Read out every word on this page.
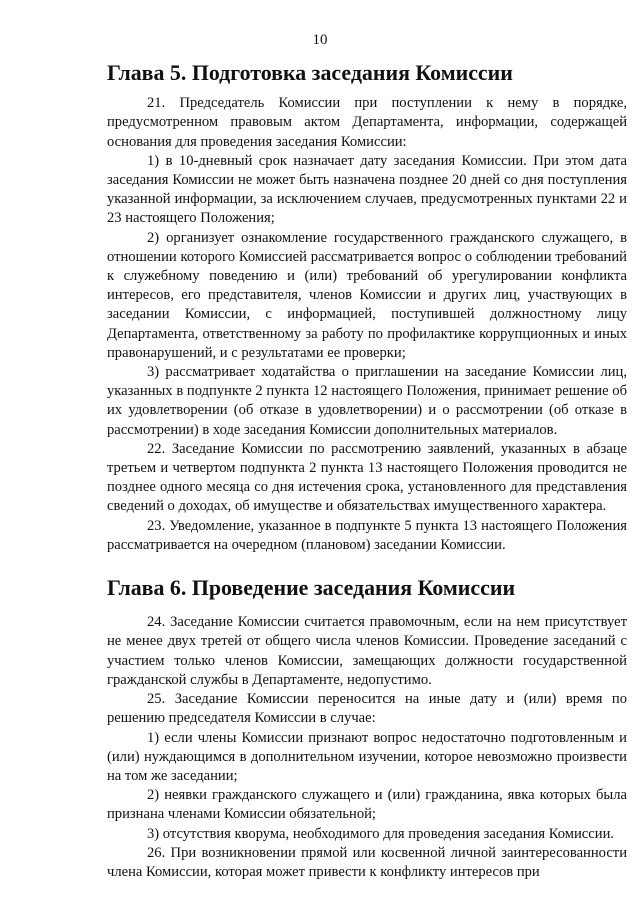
10
Глава 5. Подготовка заседания Комиссии

21. Председатель Комиссии при поступлении к нему в порядке, предусмотренном правовым актом Департамента, информации, содержащей основания для проведения заседания Комиссии:

1) в 10-дневный срок назначает дату заседания Комиссии. При этом дата заседания Комиссии не может быть назначена позднее 20 дней со дня поступления указанной информации, за исключением случаев, предусмотренных пунктами 22 и 23 настоящего Положения;

2) организует ознакомление государственного гражданского служащего, в отношении которого Комиссией рассматривается вопрос о соблюдении требований к служебному поведению и (или) требований об урегулировании конфликта интересов, его представителя, членов Комиссии и других лиц, участвующих в заседании Комиссии, с информацией, поступившей должностному лицу Департамента, ответственному за работу по профилактике коррупционных и иных правонарушений, и с результатами ее проверки;

3) рассматривает ходатайства о приглашении на заседание Комиссии лиц, указанных в подпункте 2 пункта 12 настоящего Положения, принимает решение об их удовлетворении (об отказе в удовлетворении) и о рассмотрении (об отказе в рассмотрении) в ходе заседания Комиссии дополнительных материалов.

22. Заседание Комиссии по рассмотрению заявлений, указанных в абзаце третьем и четвертом подпункта 2 пункта 13 настоящего Положения проводится не позднее одного месяца со дня истечения срока, установленного для представления сведений о доходах, об имуществе и обязательствах имущественного характера.

23. Уведомление, указанное в подпункте 5 пункта 13 настоящего Положения рассматривается на очередном (плановом) заседании Комиссии.

Глава 6. Проведение заседания Комиссии

24. Заседание Комиссии считается правомочным, если на нем присутствует не менее двух третей от общего числа членов Комиссии. Проведение заседаний с участием только членов Комиссии, замещающих должности государственной гражданской службы в Департаменте, недопустимо.

25. Заседание Комиссии переносится на иные дату и (или) время по решению председателя Комиссии в случае:

1) если члены Комиссии признают вопрос недостаточно подготовленным и (или) нуждающимся в дополнительном изучении, которое невозможно произвести на том же заседании;

2) неявки гражданского служащего и (или) гражданина, явка которых была признана членами Комиссии обязательной;

3) отсутствия кворума, необходимого для проведения заседания Комиссии.

26. При возникновении прямой или косвенной личной заинтересованности члена Комиссии, которая может привести к конфликту интересов при
